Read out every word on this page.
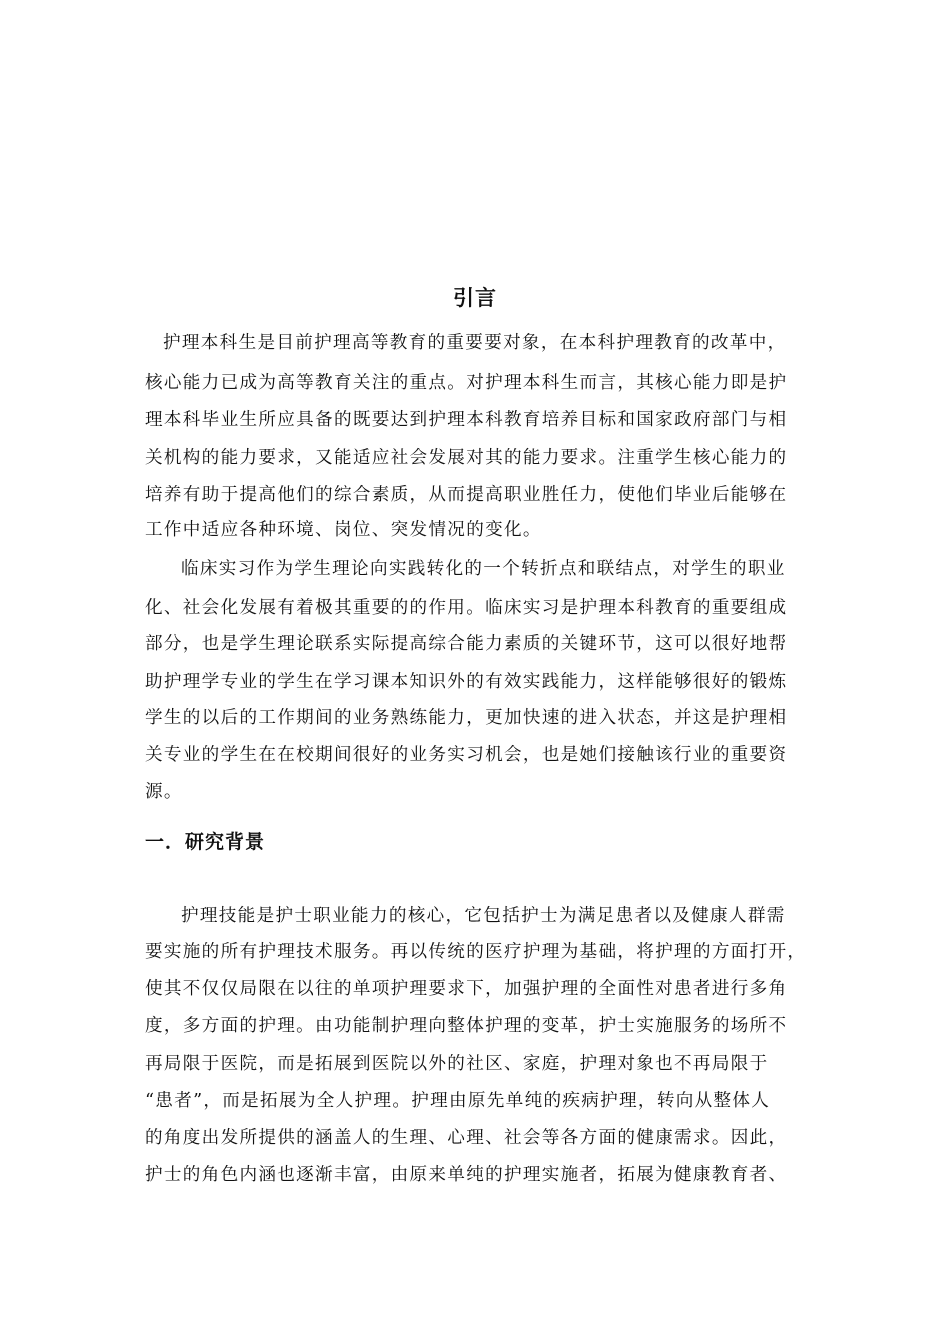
引言
护理本科生是目前护理高等教育的重要要对象，在本科护理教育的改革中，
核心能力已成为高等教育关注的重点。对护理本科生而言，其核心能力即是护
理本科毕业生所应具备的既要达到护理本科教育培养目标和国家政府部门与相
关机构的能力要求，又能适应社会发展对其的能力要求。注重学生核心能力的
培养有助于提高他们的综合素质，从而提高职业胜任力，使他们毕业后能够在
工作中适应各种环境、岗位、突发情况的变化。
临床实习作为学生理论向实践转化的一个转折点和联结点，对学生的职业
化、社会化发展有着极其重要的的作用。临床实习是护理本科教育的重要组成
部分，也是学生理论联系实际提高综合能力素质的关键环节，这可以很好地帮
助护理学专业的学生在学习课本知识外的有效实践能力，这样能够很好的锻炼
学生的以后的工作期间的业务熟练能力，更加快速的进入状态，并这是护理相
关专业的学生在在校期间很好的业务实习机会，也是她们接触该行业的重要资
源。
一．研究背景
护理技能是护士职业能力的核心，它包括护士为满足患者以及健康人群需
要实施的所有护理技术服务。再以传统的医疗护理为基础，将护理的方面打开，
使其不仅仅局限在以往的单项护理要求下，加强护理的全面性对患者进行多角
度，多方面的护理。由功能制护理向整体护理的变革，护士实施服务的场所不
再局限于医院，而是拓展到医院以外的社区、家庭，护理对象也不再局限于
“患者”，而是拓展为全人护理。护理由原先单纯的疾病护理，转向从整体人
的角度出发所提供的涵盖人的生理、心理、社会等各方面的健康需求。因此，
护士的角色内涵也逐渐丰富，由原来单纯的护理实施者，拓展为健康教育者、
